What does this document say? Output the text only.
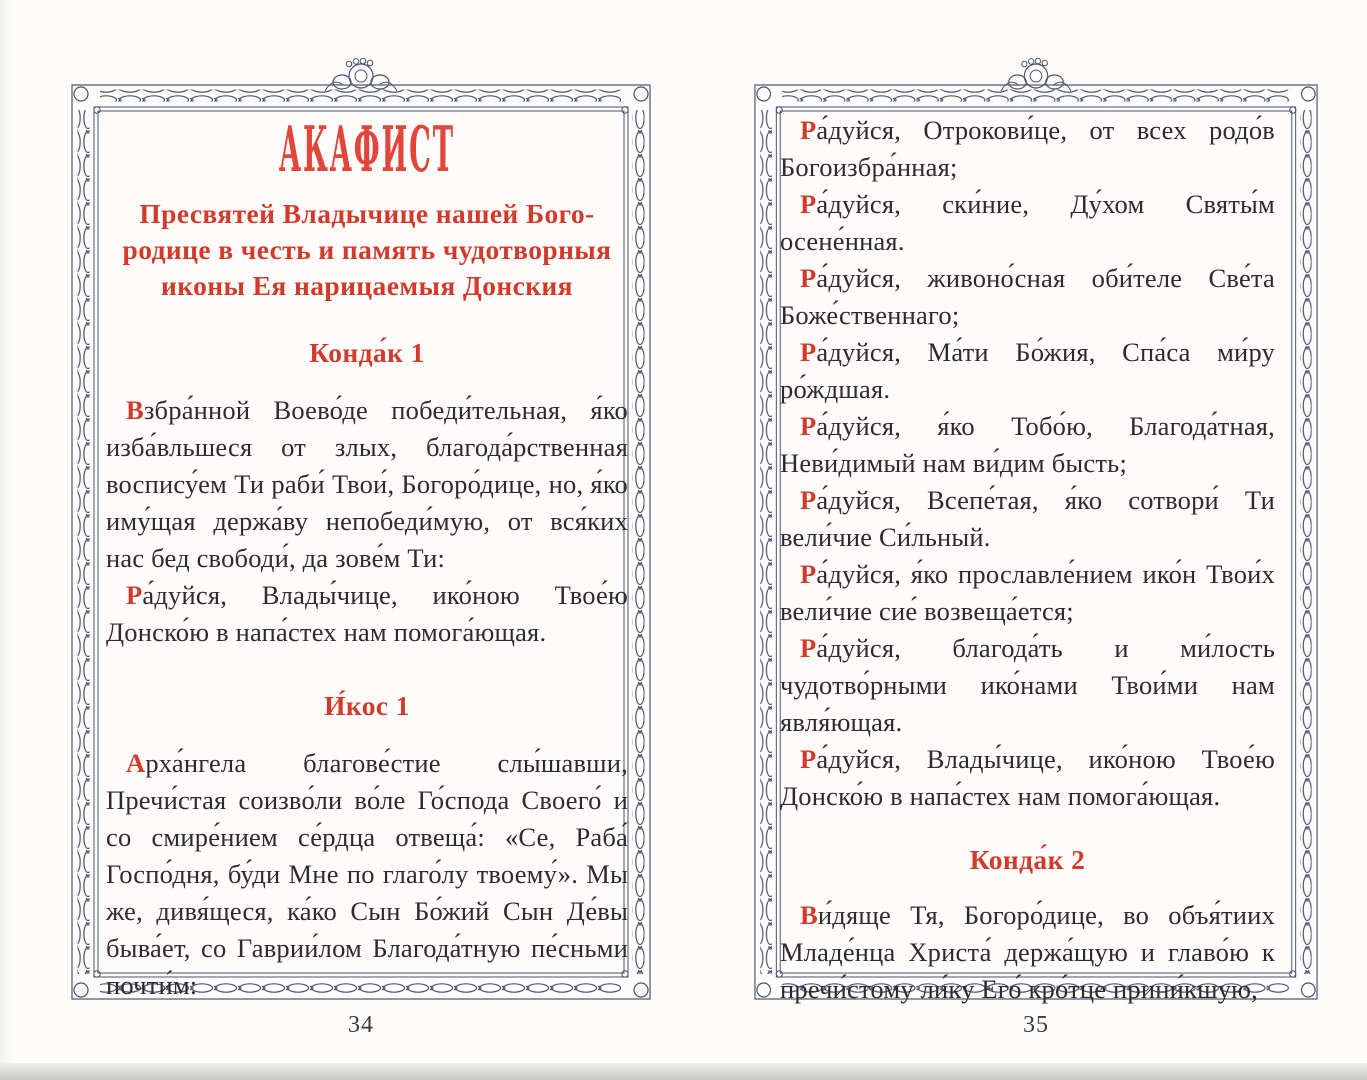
АКАФИСТ
Пресвятей Владычице нашей Бого-
родице в честь и память чудотворныя
иконы Ея нарицаемыя Донския
Конда́к 1

Взбра́нной Воево́де победи́тельная, я́ко изба́вльшеся от злых, благода́рственная воспису́ем Ти раби́ Твои́, Богоро́дице, но, я́ко иму́щая держа́ву непобеди́мую, от вся́ких нас бед свободи́, да зове́м Ти:

Ра́дуйся, Влады́чице, ико́ною Твое́ю Донско́ю в напа́стех нам помога́ющая.

И́кос 1

Арха́нгела благове́стие слы́шавши, Пречи́стая соизво́ли во́ле Го́спода Своего́ и со смире́нием се́рдца отвеща́: «Се, Раба́ Госпо́дня, бу́ди Мне по глаго́лу твоему́». Мы же, дивя́щеся, ка́ко Сын Бо́жий Сын Де́вы быва́ет, со Гаврии́лом Благода́тную пе́сньми почти́м:

34

Ра́дуйся, Отрокови́це, от всех родо́в Богоизбра́нная;

Ра́дуйся, ски́ние, Ду́хом Святы́м осене́нная.

Ра́дуйся, живоно́сная оби́теле Све́та Боже́ственнаго;

Ра́дуйся, Ма́ти Бо́жия, Спа́са ми́ру ро́ждшая.

Ра́дуйся, я́ко Тобо́ю, Благода́тная, Неви́димый нам ви́дим бысть;

Ра́дуйся, Всепе́тая, я́ко сотвори́ Ти вели́чие Си́льный.

Ра́дуйся, я́ко прославле́нием ико́н Твои́х вели́чие сие́ возвеща́ется;

Ра́дуйся, благода́ть и ми́лость чудотво́рными ико́нами Твои́ми нам явля́ющая.

Ра́дуйся, Влады́чице, ико́ною Твое́ю Донско́ю в напа́стех нам помога́ющая.

Конда́к 2

Ви́дяще Тя, Богоро́дице, во объя́тиих Младе́нца Христа́ держа́щую и главо́ю к пречи́стому ли́ку Его́ кро́тце прини́кшую,

35
